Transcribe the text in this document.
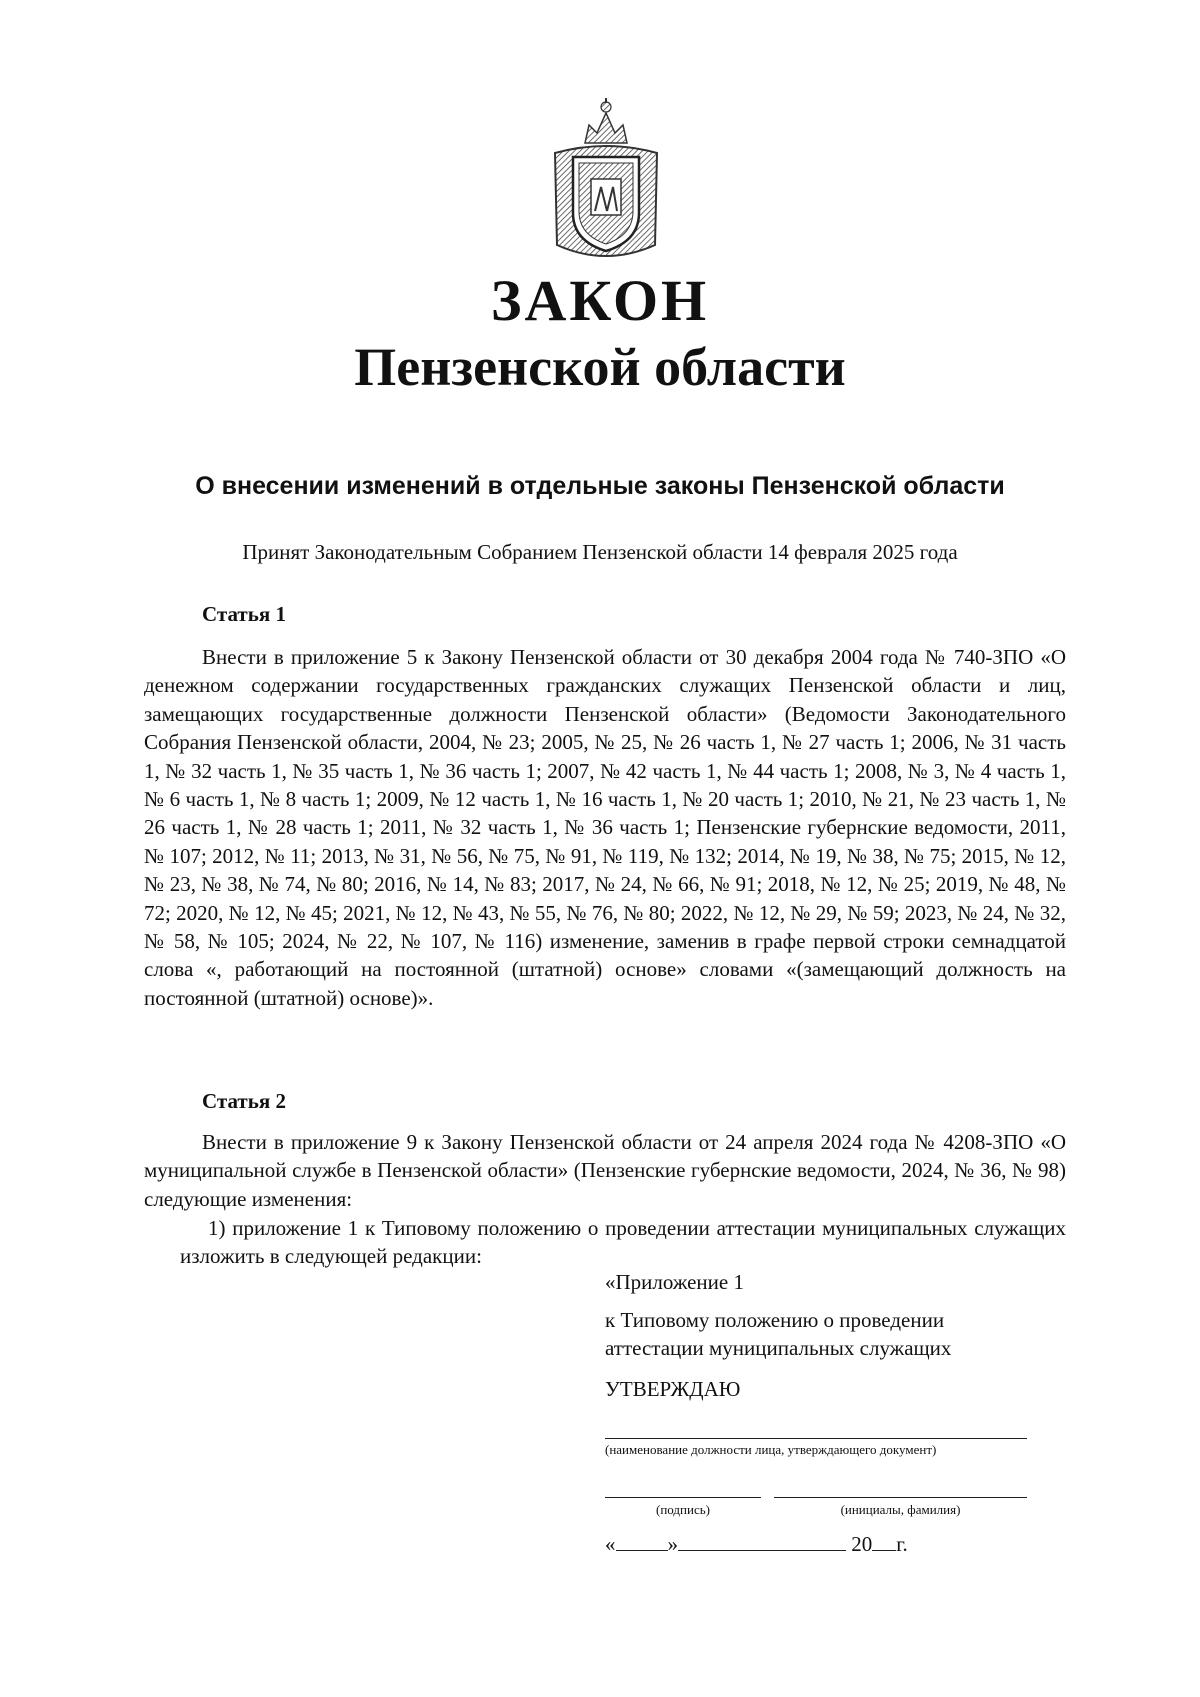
ЗАКОН
Пензенской области
О внесении изменений в отдельные законы Пензенской области
Принят Законодательным Собранием Пензенской области 14 февраля 2025 года
Статья 1
Внести в приложение 5 к Закону Пензенской области от 30 декабря 2004 года № 740-ЗПО «О денежном содержании государственных гражданских служащих Пензенской области и лиц, замещающих государственные должности Пензенской области» (Ведомости Законодательного Собрания Пензенской области, 2004, № 23; 2005, № 25, № 26 часть 1, № 27 часть 1; 2006, № 31 часть 1, № 32 часть 1, № 35 часть 1, № 36 часть 1; 2007, № 42 часть 1, № 44 часть 1; 2008, № 3, № 4 часть 1, № 6 часть 1, № 8 часть 1; 2009, № 12 часть 1, № 16 часть 1, № 20 часть 1; 2010, № 21, № 23 часть 1, № 26 часть 1, № 28 часть 1; 2011, № 32 часть 1, № 36 часть 1; Пензенские губернские ведомости, 2011, № 107; 2012, № 11; 2013, № 31, № 56, № 75, № 91, № 119, № 132; 2014, № 19, № 38, № 75; 2015, № 12, № 23, № 38, № 74, № 80; 2016, № 14, № 83; 2017, № 24, № 66, № 91; 2018, № 12, № 25; 2019, № 48, № 72; 2020, № 12, № 45; 2021, № 12, № 43, № 55, № 76, № 80; 2022, № 12, № 29, № 59; 2023, № 24, № 32, № 58, № 105; 2024, № 22, № 107, № 116) изменение, заменив в графе первой строки семнадцатой слова «, работающий на постоянной (штатной) основе» словами «(замещающий должность на постоянной (штатной) основе)».
Статья 2
Внести в приложение 9 к Закону Пензенской области от 24 апреля 2024 года № 4208-ЗПО «О муниципальной службе в Пензенской области» (Пензенские губернские ведомости, 2024, № 36, № 98) следующие изменения:
1) приложение 1 к Типовому положению о проведении аттестации муниципальных служащих изложить в следующей редакции:
«Приложение 1
к Типовому положению о проведении
аттестации муниципальных служащих
УТВЕРЖДАЮ
(наименование должности лица, утверждающего документ)
(подпись)	(инициалы, фамилия)
« »	20 г.
